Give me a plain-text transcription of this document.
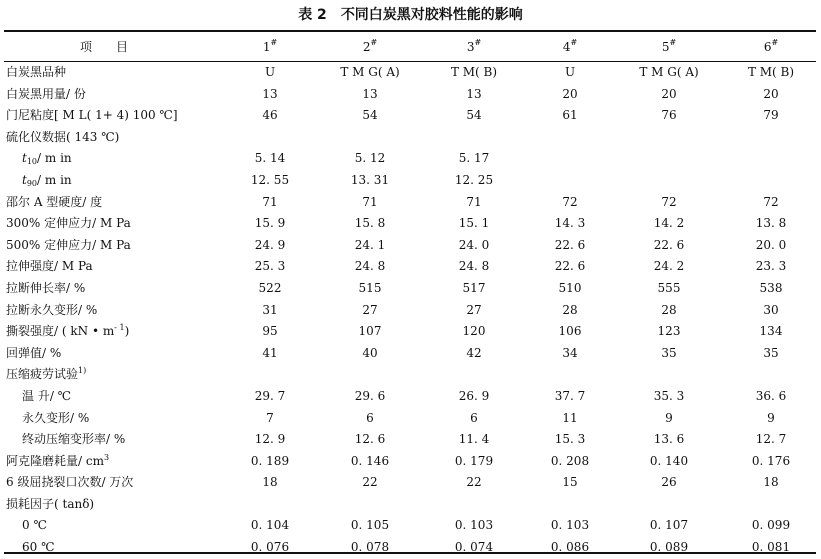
表 2　 不同白炭黑对胶料性能的影响
项　　目	1#	2#	3#	4#	5#	6#
白炭黑品种	U	T M G( A)	T M( B)	U	T M G( A)	T M( B)
白炭黑用量/ 份	13	13	13	20	20	20
门尼粘度[ M L( 1+ 4) 100 ℃]	46	54	54	61	76	79
硫化仪数据( 143 ℃)
$t_{10}/$ m in	5. 14	5. 12	5. 17
$t_{90}/$ m in	12. 55	13. 31	12. 25
邵尔 A 型硬度/ 度	71	71	71	72	72	72
300% 定伸应力/ M Pa	15. 9	15. 8	15. 1	14. 3	14. 2	13. 8
500% 定伸应力/ M Pa	24. 9	24. 1	24. 0	22. 6	22. 6	20. 0
拉伸强度/ M Pa	25. 3	24. 8	24. 8	22. 6	24. 2	23. 3
拉断伸长率/ %	522	515	517	510	555	538
拉断永久变形/ %	31	27	27	28	28	30
撕裂强度/ ( kN • $m^{- 1}$)	95	107	120	106	123	134
回弹值/ %	41	40	42	34	35	35
压缩疲劳试验$^{1)}$
温 升/ ℃	29. 7	29. 6	26. 9	37. 7	35. 3	36. 6
永久变形/ %	7	6	6	11	9	9
终动压缩变形率/ %	12. 9	12. 6	11. 4	15. 3	13. 6	12. 7
阿克隆磨耗量/ $cm^3$	0. 189	0. 146	0. 179	0. 208	0. 140	0. 176
6 级屈挠裂口次数/ 万次	18	22	22	15	26	18
损耗因子( tanδ)
0 ℃	0. 104	0. 105	0. 103	0. 103	0. 107	0. 099
60 ℃	0. 076	0. 078	0. 074	0. 086	0. 089	0. 081
